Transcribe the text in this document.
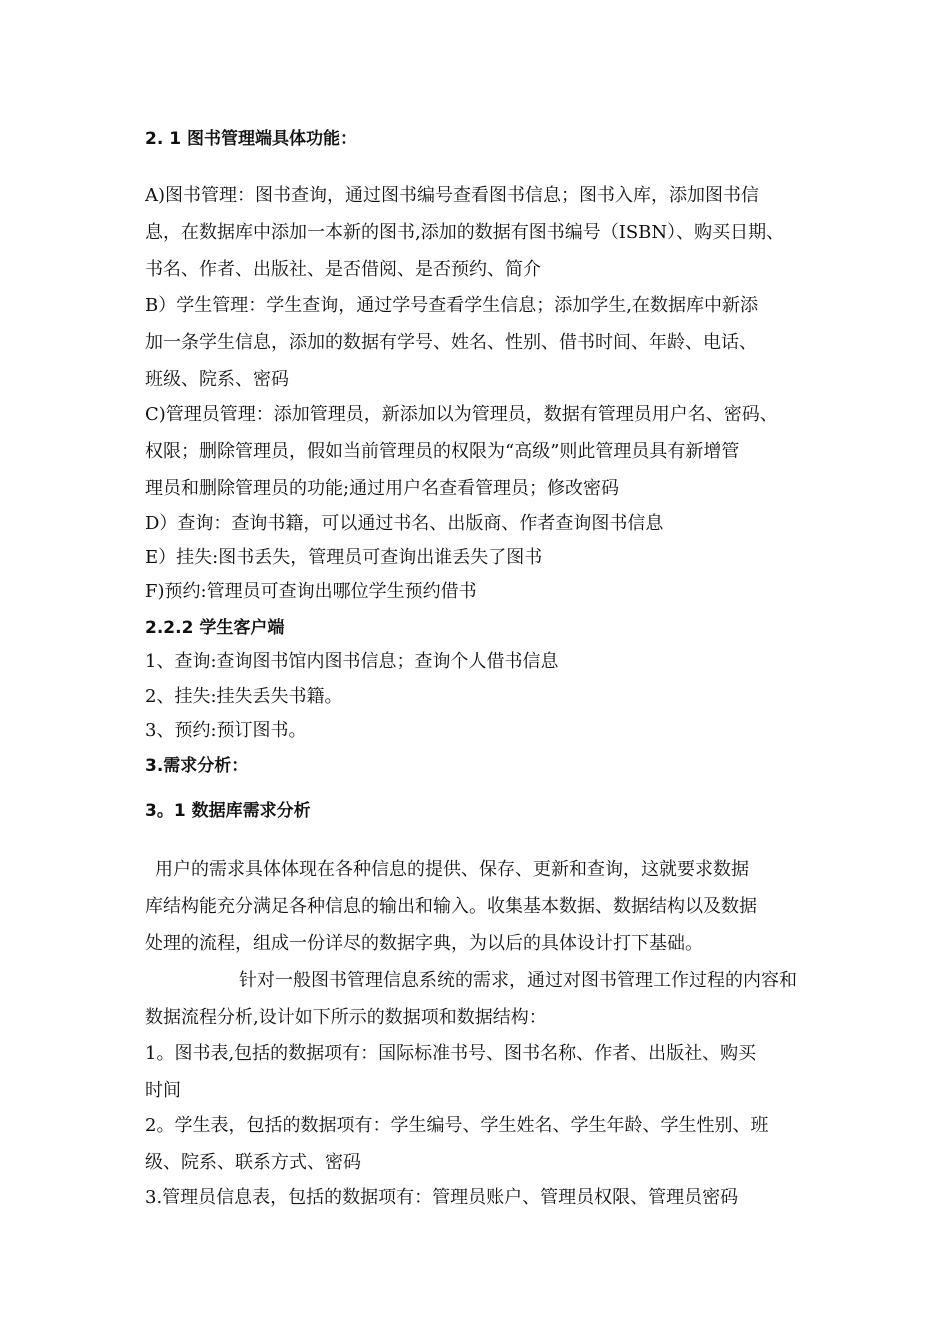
2. 1 图书管理端具体功能：
A)图书管理：图书查询，通过图书编号查看图书信息；图书入库，添加图书信
息，在数据库中添加一本新的图书,添加的数据有图书编号（ISBN）、购买日期、
书名、作者、出版社、是否借阅、是否预约、简介
B）学生管理：学生查询，通过学号查看学生信息；添加学生,在数据库中新添
加一条学生信息，添加的数据有学号、姓名、性别、借书时间、年龄、电话、
班级、院系、密码
C)管理员管理：添加管理员，新添加以为管理员，数据有管理员用户名、密码、
权限；删除管理员，假如当前管理员的权限为“高级”则此管理员具有新增管
理员和删除管理员的功能;通过用户名查看管理员；修改密码
D）查询：查询书籍，可以通过书名、出版商、作者查询图书信息
E）挂失:图书丢失，管理员可查询出谁丢失了图书
F)预约:管理员可查询出哪位学生预约借书
2.2.2 学生客户端
1、查询:查询图书馆内图书信息；查询个人借书信息
2、挂失:挂失丢失书籍。
3、预约:预订图书。
3.需求分析：
3。1 数据库需求分析
用户的需求具体体现在各种信息的提供、保存、更新和查询，这就要求数据
库结构能充分满足各种信息的输出和输入。收集基本数据、数据结构以及数据
处理的流程，组成一份详尽的数据字典，为以后的具体设计打下基础。
针对一般图书管理信息系统的需求，通过对图书管理工作过程的内容和
数据流程分析,设计如下所示的数据项和数据结构：
1。图书表,包括的数据项有：国际标准书号、图书名称、作者、出版社、购买
时间
2。学生表，包括的数据项有：学生编号、学生姓名、学生年龄、学生性别、班
级、院系、联系方式、密码
3.管理员信息表，包括的数据项有：管理员账户、管理员权限、管理员密码
